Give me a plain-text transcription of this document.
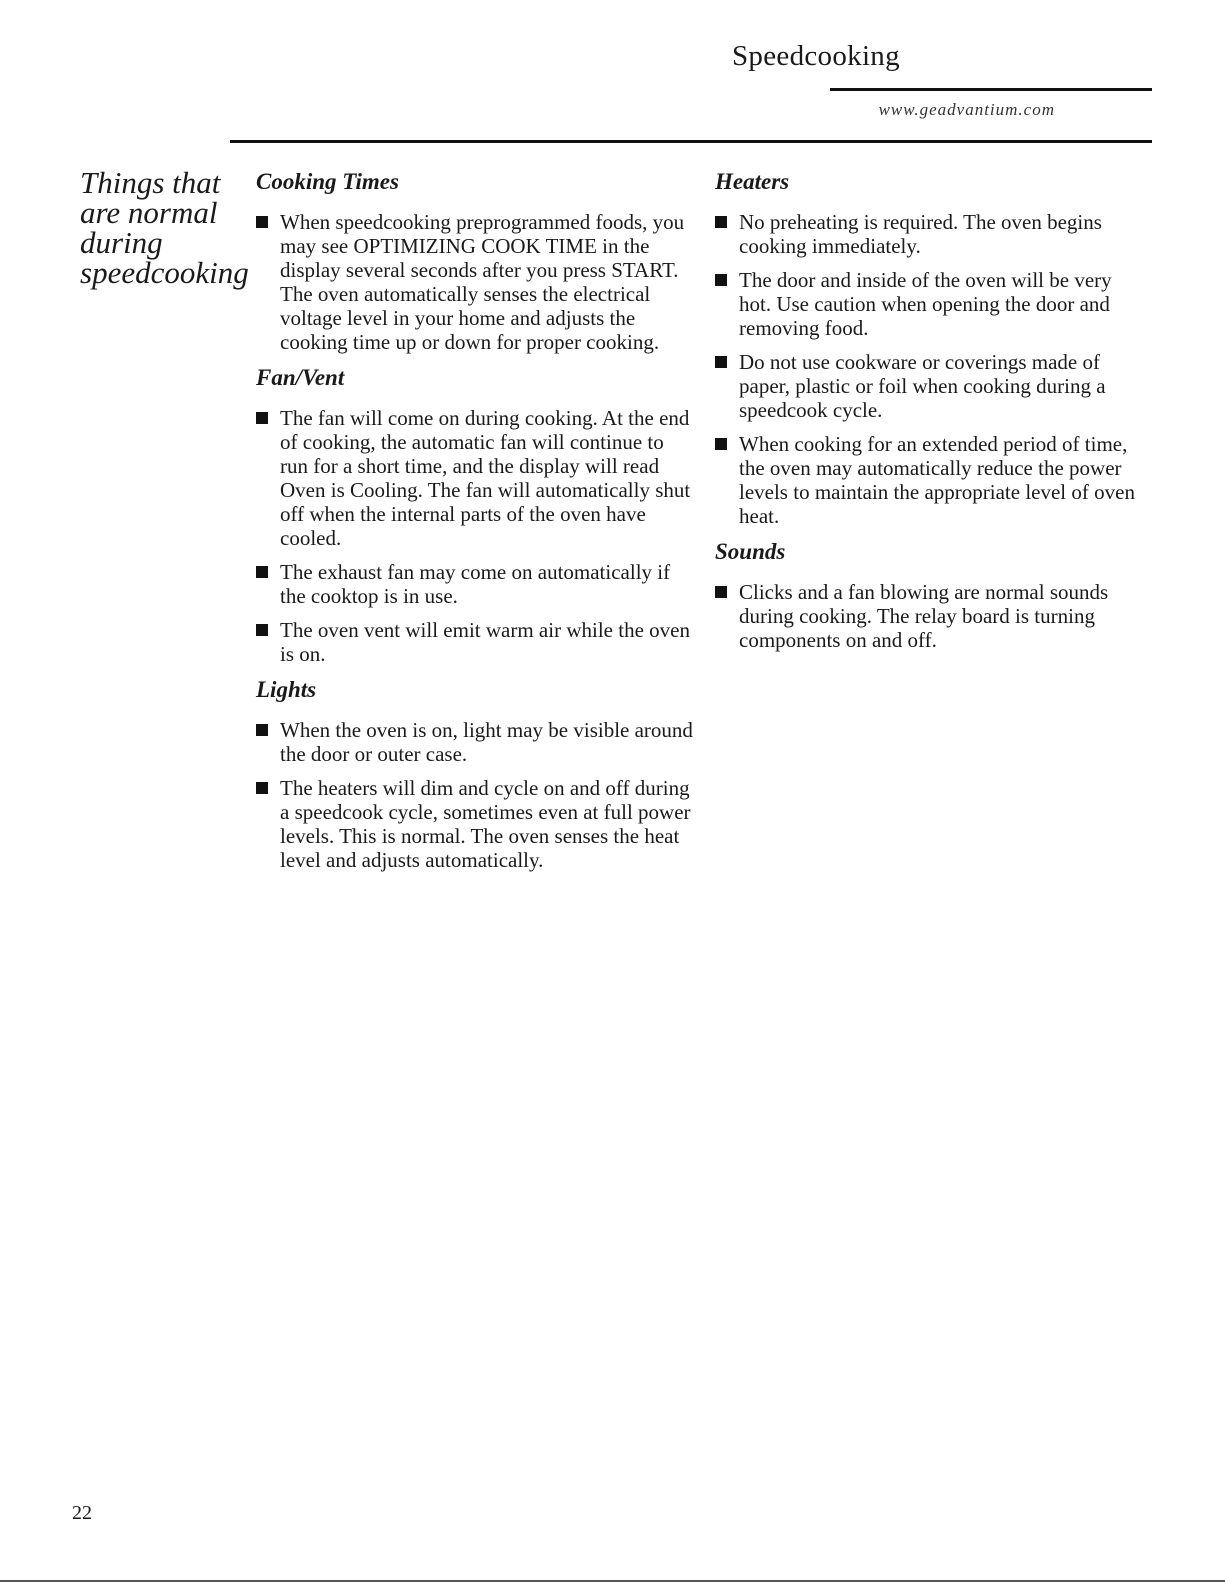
Speedcooking
www.geadvantium.com
Things that
are normal
during
speedcooking
Cooking Times
When speedcooking preprogrammed foods, you may see OPTIMIZING COOK TIME in the display several seconds after you press START. The oven automatically senses the electrical voltage level in your home and adjusts the cooking time up or down for proper cooking.
Fan/Vent
The fan will come on during cooking. At the end of cooking, the automatic fan will continue to run for a short time, and the display will read Oven is Cooling. The fan will automatically shut off when the internal parts of the oven have cooled.
The exhaust fan may come on automatically if the cooktop is in use.
The oven vent will emit warm air while the oven is on.
Lights
When the oven is on, light may be visible around the door or outer case.
The heaters will dim and cycle on and off during a speedcook cycle, sometimes even at full power levels. This is normal. The oven senses the heat level and adjusts automatically.
Heaters
No preheating is required. The oven begins cooking immediately.
The door and inside of the oven will be very hot. Use caution when opening the door and removing food.
Do not use cookware or coverings made of paper, plastic or foil when cooking during a speedcook cycle.
When cooking for an extended period of time, the oven may automatically reduce the power levels to maintain the appropriate level of oven heat.
Sounds
Clicks and a fan blowing are normal sounds during cooking. The relay board is turning components on and off.
22
